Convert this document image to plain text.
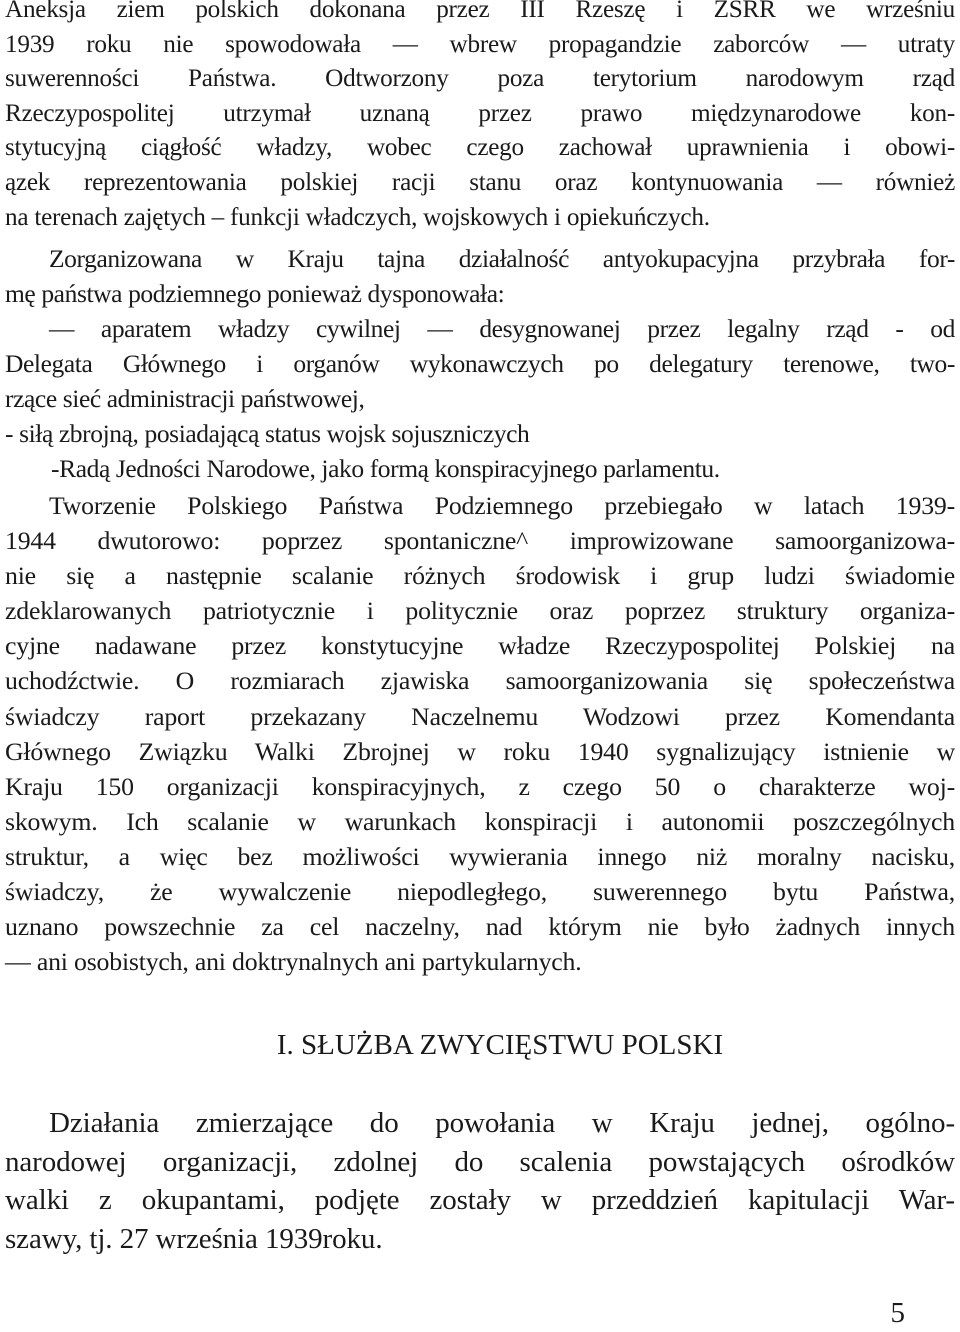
Aneksja ziem polskich dokonana przez III Rzeszę i ZSRR we wrześniu
1939 roku nie spowodowała ― wbrew propagandzie zaborców ― utraty
suwerenności Państwa. Odtworzony poza terytorium narodowym rząd
Rzeczypospolitej utrzymał uznaną przez prawo międzynarodowe kon-
stytucyjną ciągłość władzy, wobec czego zachował uprawnienia i obowi-
ązek reprezentowania polskiej racji stanu oraz kontynuowania ― również
na terenach zajętych – funkcji władczych, wojskowych i opiekuńczych.

Zorganizowana w Kraju tajna działalność antyokupacyjna przybrała for-
mę państwa podziemnego ponieważ dysponowała:
― aparatem władzy cywilnej ― desygnowanej przez legalny rząd - od
Delegata Głównego i organów wykonawczych po delegatury terenowe, two-
rzące sieć administracji państwowej,
- siłą zbrojną, posiadającą status wojsk sojuszniczych
-Radą Jedności Narodowe, jako formą konspiracyjnego parlamentu.

Tworzenie Polskiego Państwa Podziemnego przebiegało w latach 1939-
1944 dwutorowo: poprzez spontaniczne^ improwizowane samoorganizowa-
nie się a następnie scalanie różnych środowisk i grup ludzi świadomie
zdeklarowanych patriotycznie i politycznie oraz poprzez struktury organiza-
cyjne nadawane przez konstytucyjne władze Rzeczypospolitej Polskiej na
uchodźctwie. O rozmiarach zjawiska samoorganizowania się społeczeństwa
świadczy raport przekazany Naczelnemu Wodzowi przez Komendanta
Głównego Związku Walki Zbrojnej w roku 1940 sygnalizujący istnienie w
Kraju 150 organizacji konspiracyjnych, z czego 50 o charakterze woj-
skowym. Ich scalanie w warunkach konspiracji i autonomii poszczególnych
struktur, a więc bez możliwości wywierania innego niż moralny nacisku,
świadczy, że wywalczenie niepodległego, suwerennego bytu Państwa,
uznano powszechnie za cel naczelny, nad którym nie było żadnych innych
― ani osobistych, ani doktrynalnych ani partykularnych.

I. SŁUŻBA ZWYCIĘSTWU POLSKI

Działania zmierzające do powołania w Kraju jednej, ogólno-
narodowej organizacji, zdolnej do scalenia powstających ośrodków
walki z okupantami, podjęte zostały w przeddzień kapitulacji War-
szawy, tj. 27 września 1939roku.

5
